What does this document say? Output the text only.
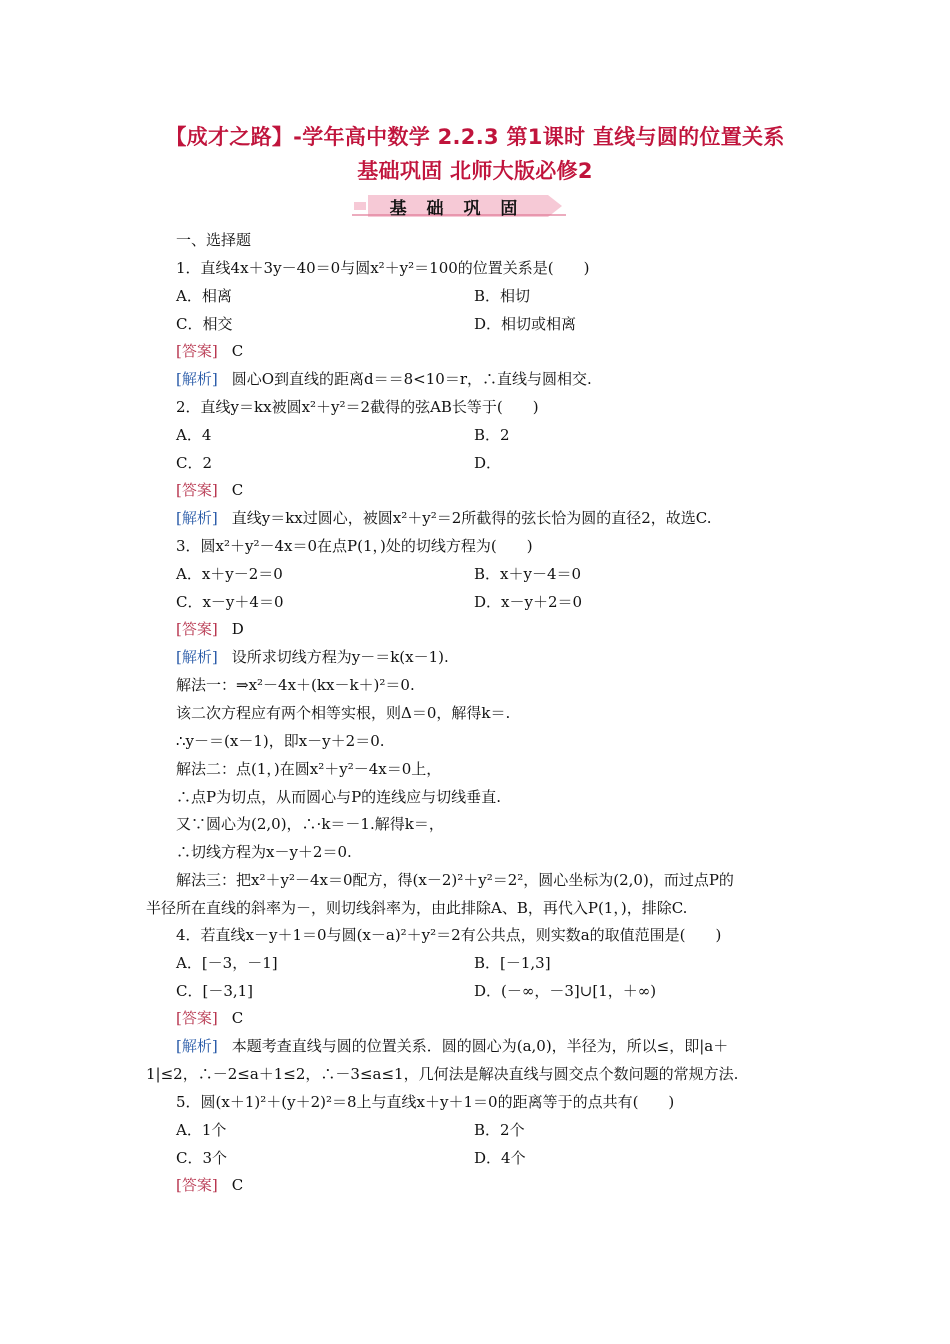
【成才之路】-学年高中数学 2.2.3 第1课时 直线与圆的位置关系
基础巩固 北师大版必修2
基 础 巩 固
一、选择题
1．直线4x＋3y－40＝0与圆x²＋y²＝100的位置关系是(　　)
A．相离	B．相切
C．相交	D．相切或相离
[答案] C
[解析] 圆心O到直线的距离d＝＝8<10＝r，∴直线与圆相交.
2．直线y＝kx被圆x²＋y²＝2截得的弦AB长等于(　　)
A．4	B．2
C．2	D．
[答案] C
[解析] 直线y＝kx过圆心，被圆x²＋y²＝2所截得的弦长恰为圆的直径2，故选C.
3．圆x²＋y²－4x＝0在点P(1，)处的切线方程为(　　)
A．x＋y－2＝0	B．x＋y－4＝0
C．x－y＋4＝0	D．x－y＋2＝0
[答案] D
[解析] 设所求切线方程为y－＝k(x－1).
解法一：⇒x²－4x＋(kx－k＋)²＝0.
该二次方程应有两个相等实根，则Δ＝0，解得k＝.
∴y－＝(x－1)，即x－y＋2＝0.
解法二：点(1，)在圆x²＋y²－4x＝0上，
∴点P为切点，从而圆心与P的连线应与切线垂直.
又∵圆心为(2,0)，∴·k＝－1.解得k＝，
∴切线方程为x－y＋2＝0.
解法三：把x²＋y²－4x＝0配方，得(x－2)²＋y²＝2²，圆心坐标为(2,0)，而过点P的
半径所在直线的斜率为－，则切线斜率为，由此排除A、B，再代入P(1，)，排除C.
4．若直线x－y＋1＝0与圆(x－a)²＋y²＝2有公共点，则实数a的取值范围是(　　)
A．[－3，－1]	B．[－1,3]
C．[－3,1]	D．(－∞，－3]∪[1，＋∞)
[答案] C
[解析] 本题考查直线与圆的位置关系．圆的圆心为(a,0)，半径为，所以≤，即|a＋
1|≤2，∴－2≤a＋1≤2，∴－3≤a≤1，几何法是解决直线与圆交点个数问题的常规方法.
5．圆(x＋1)²＋(y＋2)²＝8上与直线x＋y＋1＝0的距离等于的点共有(　　)
A．1个	B．2个
C．3个	D．4个
[答案] C
